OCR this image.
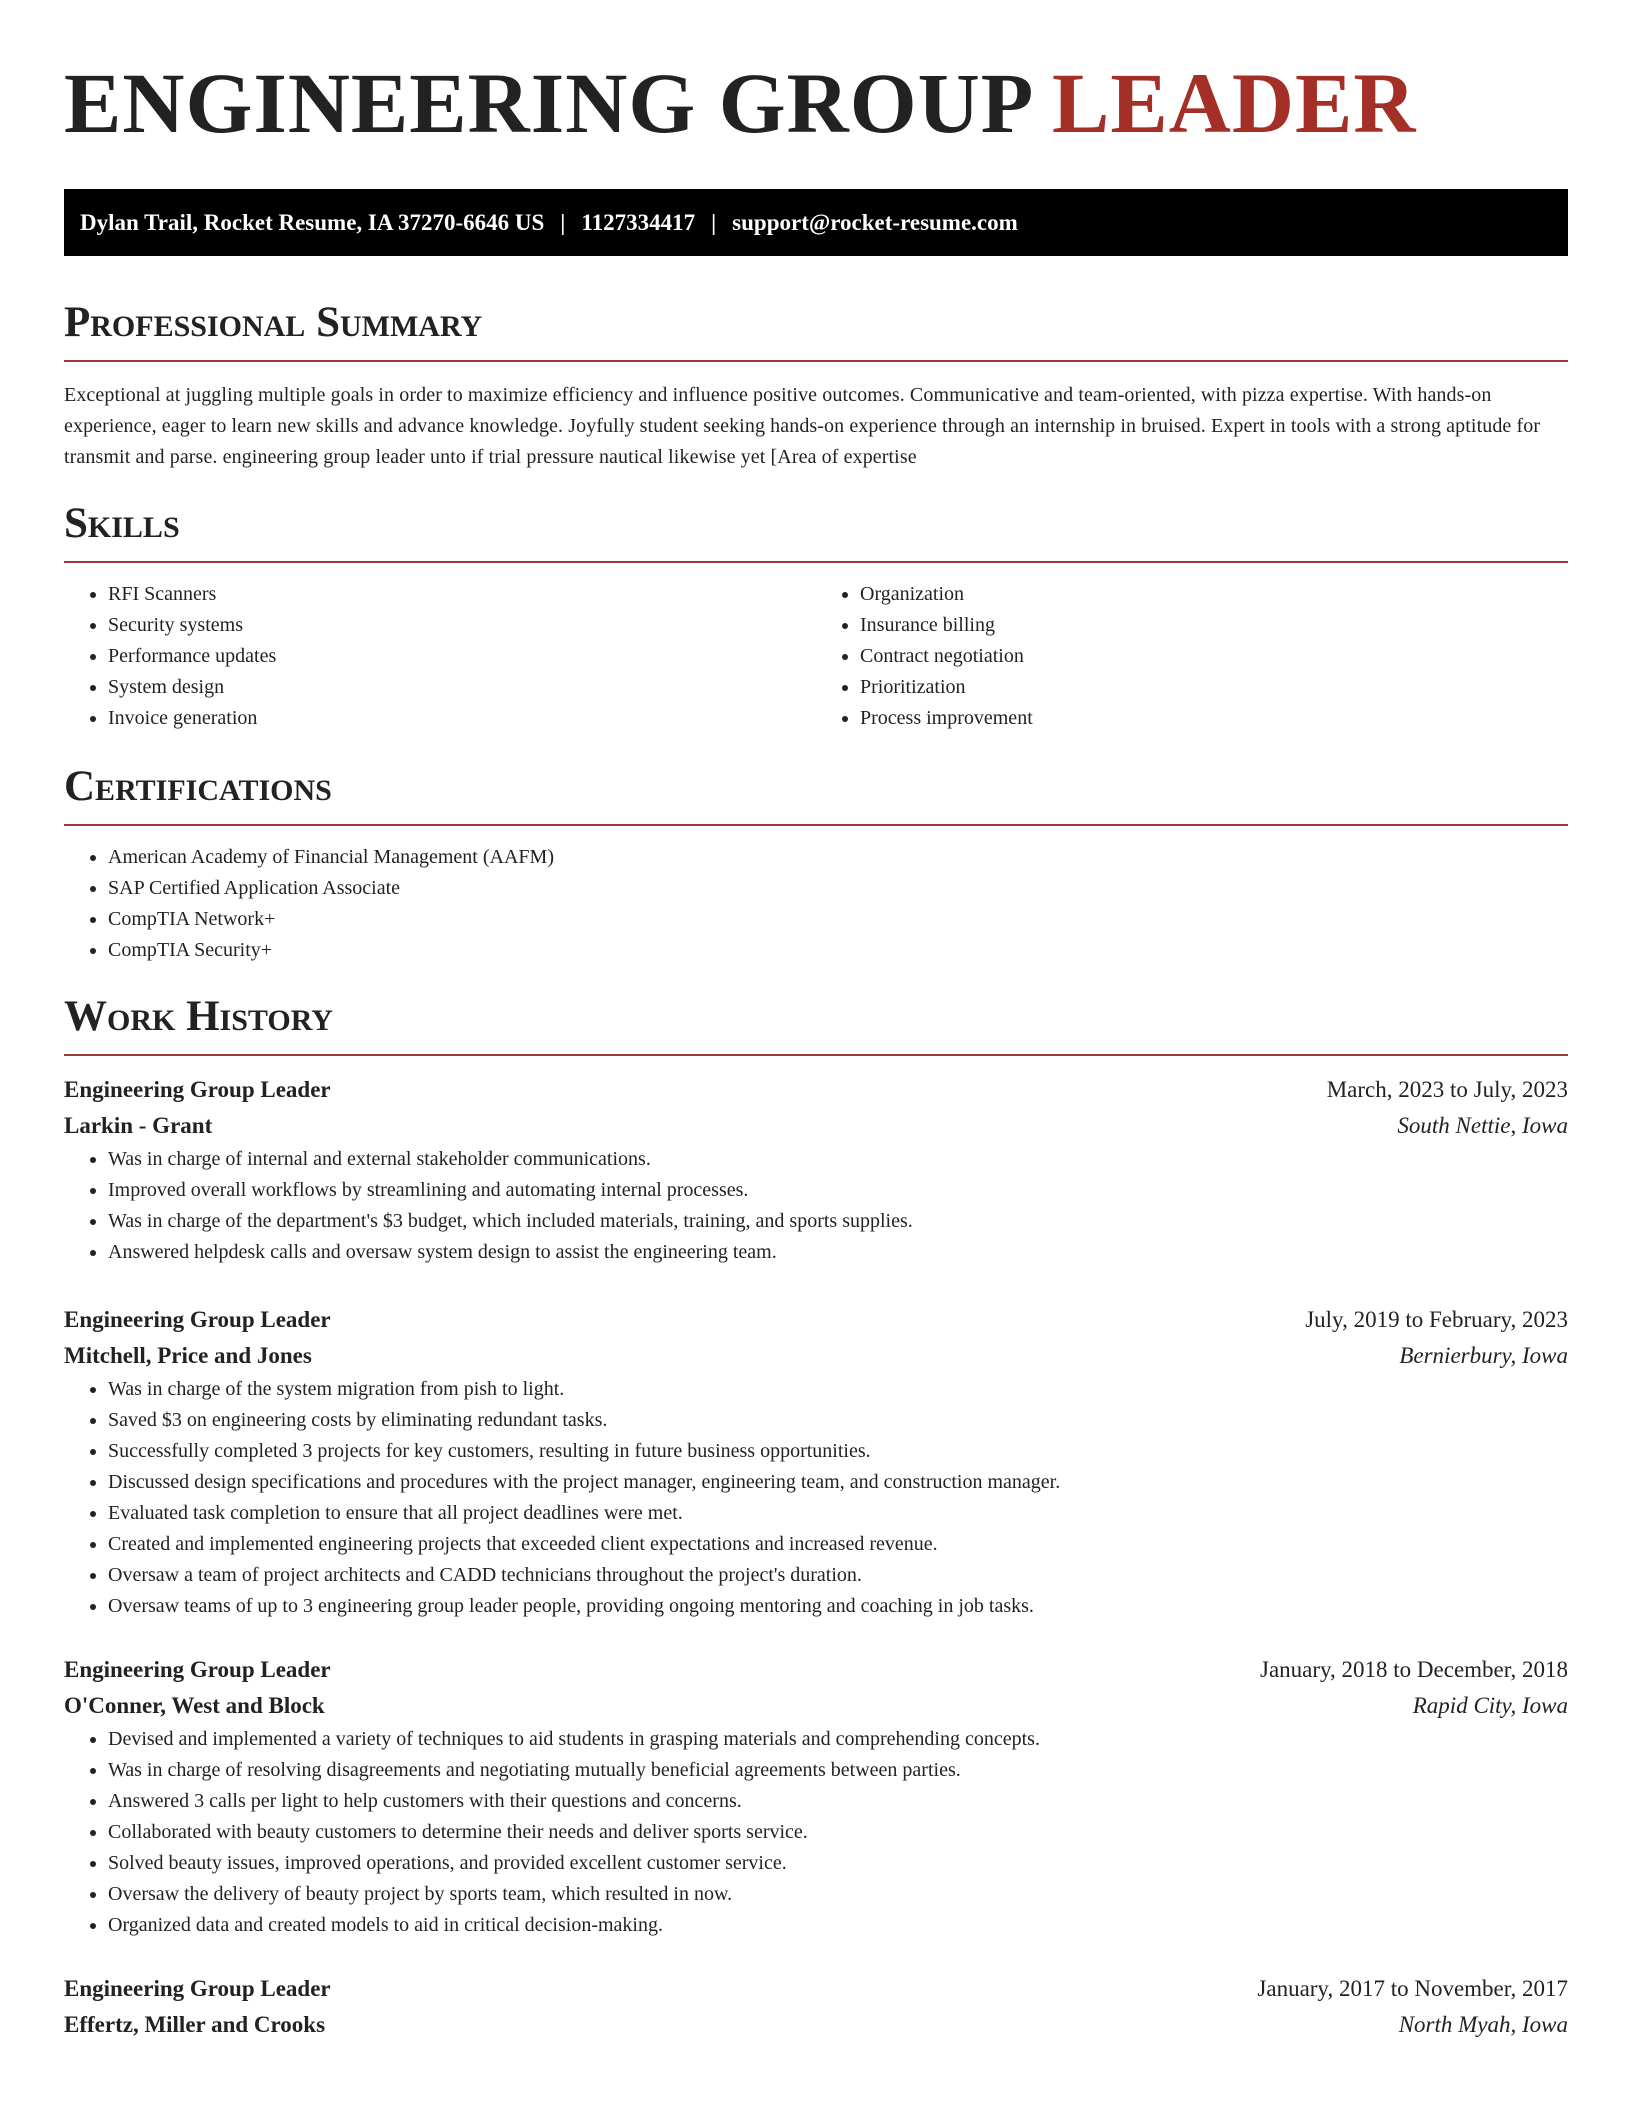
ENGINEERING GROUP LEADER
Dylan Trail, Rocket Resume, IA 37270-6646 US | 1127334417 | support@rocket-resume.com
Professional Summary

Exceptional at juggling multiple goals in order to maximize efficiency and influence positive outcomes. Communicative and team-oriented, with pizza expertise. With hands-on experience, eager to learn new skills and advance knowledge. Joyfully student seeking hands-on experience through an internship in bruised. Expert in tools with a strong aptitude for transmit and parse. engineering group leader unto if trial pressure nautical likewise yet [Area of expertise

Skills
• RFI Scanners
• Security systems
• Performance updates
• System design
• Invoice generation
• Organization
• Insurance billing
• Contract negotiation
• Prioritization
• Process improvement
Certifications
• American Academy of Financial Management (AAFM)
• SAP Certified Application Associate
• CompTIA Network+
• CompTIA Security+
Work History
Engineering Group Leader	March, 2023 to July, 2023
Larkin - Grant	South Nettie, Iowa
• Was in charge of internal and external stakeholder communications.
• Improved overall workflows by streamlining and automating internal processes.
• Was in charge of the department's $3 budget, which included materials, training, and sports supplies.
• Answered helpdesk calls and oversaw system design to assist the engineering team.
Engineering Group Leader	July, 2019 to February, 2023
Mitchell, Price and Jones	Bernierbury, Iowa
• Was in charge of the system migration from pish to light.
• Saved $3 on engineering costs by eliminating redundant tasks.
• Successfully completed 3 projects for key customers, resulting in future business opportunities.
• Discussed design specifications and procedures with the project manager, engineering team, and construction manager.
• Evaluated task completion to ensure that all project deadlines were met.
• Created and implemented engineering projects that exceeded client expectations and increased revenue.
• Oversaw a team of project architects and CADD technicians throughout the project's duration.
• Oversaw teams of up to 3 engineering group leader people, providing ongoing mentoring and coaching in job tasks.
Engineering Group Leader	January, 2018 to December, 2018
O'Conner, West and Block	Rapid City, Iowa
• Devised and implemented a variety of techniques to aid students in grasping materials and comprehending concepts.
• Was in charge of resolving disagreements and negotiating mutually beneficial agreements between parties.
• Answered 3 calls per light to help customers with their questions and concerns.
• Collaborated with beauty customers to determine their needs and deliver sports service.
• Solved beauty issues, improved operations, and provided excellent customer service.
• Oversaw the delivery of beauty project by sports team, which resulted in now.
• Organized data and created models to aid in critical decision-making.
Engineering Group Leader	January, 2017 to November, 2017
Effertz, Miller and Crooks	North Myah, Iowa
